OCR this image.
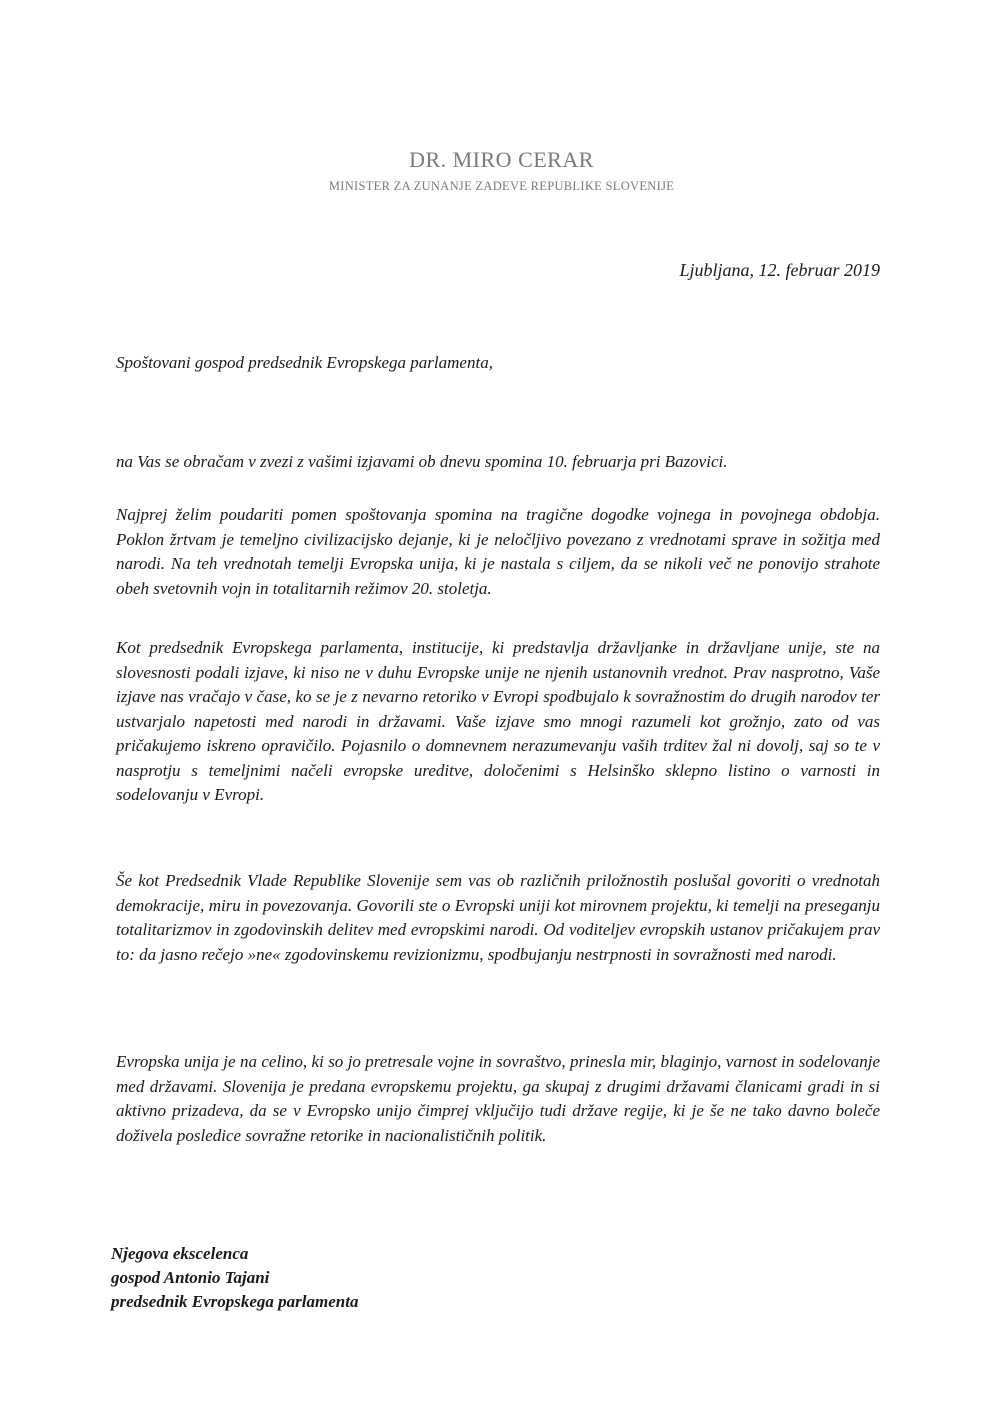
DR. MIRO CERAR
MINISTER ZA ZUNANJE ZADEVE REPUBLIKE SLOVENIJE
Ljubljana, 12. februar 2019
Spoštovani gospod predsednik Evropskega parlamenta,
na Vas se obračam v zvezi z vašimi izjavami ob dnevu spomina 10. februarja pri Bazovici.
Najprej želim poudariti pomen spoštovanja spomina na tragične dogodke vojnega in povojnega obdobja. Poklon žrtvam je temeljno civilizacijsko dejanje, ki je neločljivo povezano z vrednotami sprave in sožitja med narodi. Na teh vrednotah temelji Evropska unija, ki je nastala s ciljem, da se nikoli več ne ponovijo strahote obeh svetovnih vojn in totalitarnih režimov 20. stoletja.
Kot predsednik Evropskega parlamenta, institucije, ki predstavlja državljanke in državljane unije, ste na slovesnosti podali izjave, ki niso ne v duhu Evropske unije ne njenih ustanovnih vrednot. Prav nasprotno, Vaše izjave nas vračajo v čase, ko se je z nevarno retoriko v Evropi spodbujalo k sovražnostim do drugih narodov ter ustvarjalo napetosti med narodi in državami. Vaše izjave smo mnogi razumeli kot grožnjo, zato od vas pričakujemo iskreno opravičilo. Pojasnilo o domnevnem nerazumevanju vaših trditev žal ni dovolj, saj so te v nasprotju s temeljnimi načeli evropske ureditve, določenimi s Helsinško sklepno listino o varnosti in sodelovanju v Evropi.
Še kot Predsednik Vlade Republike Slovenije sem vas ob različnih priložnostih poslušal govoriti o vrednotah demokracije, miru in povezovanja. Govorili ste o Evropski uniji kot mirovnem projektu, ki temelji na preseganju totalitarizmov in zgodovinskih delitev med evropskimi narodi. Od voditeljev evropskih ustanov pričakujem prav to: da jasno rečejo »ne« zgodovinskemu revizionizmu, spodbujanju nestrpnosti in sovražnosti med narodi.
Evropska unija je na celino, ki so jo pretresale vojne in sovraštvo, prinesla mir, blaginjo, varnost in sodelovanje med državami. Slovenija je predana evropskemu projektu, ga skupaj z drugimi državami članicami gradi in si aktivno prizadeva, da se v Evropsko unijo čimprej vključijo tudi države regije, ki je še ne tako davno boleče doživela posledice sovražne retorike in nacionalističnih politik.
Njegova ekscelenca
gospod Antonio Tajani
predsednik Evropskega parlamenta
